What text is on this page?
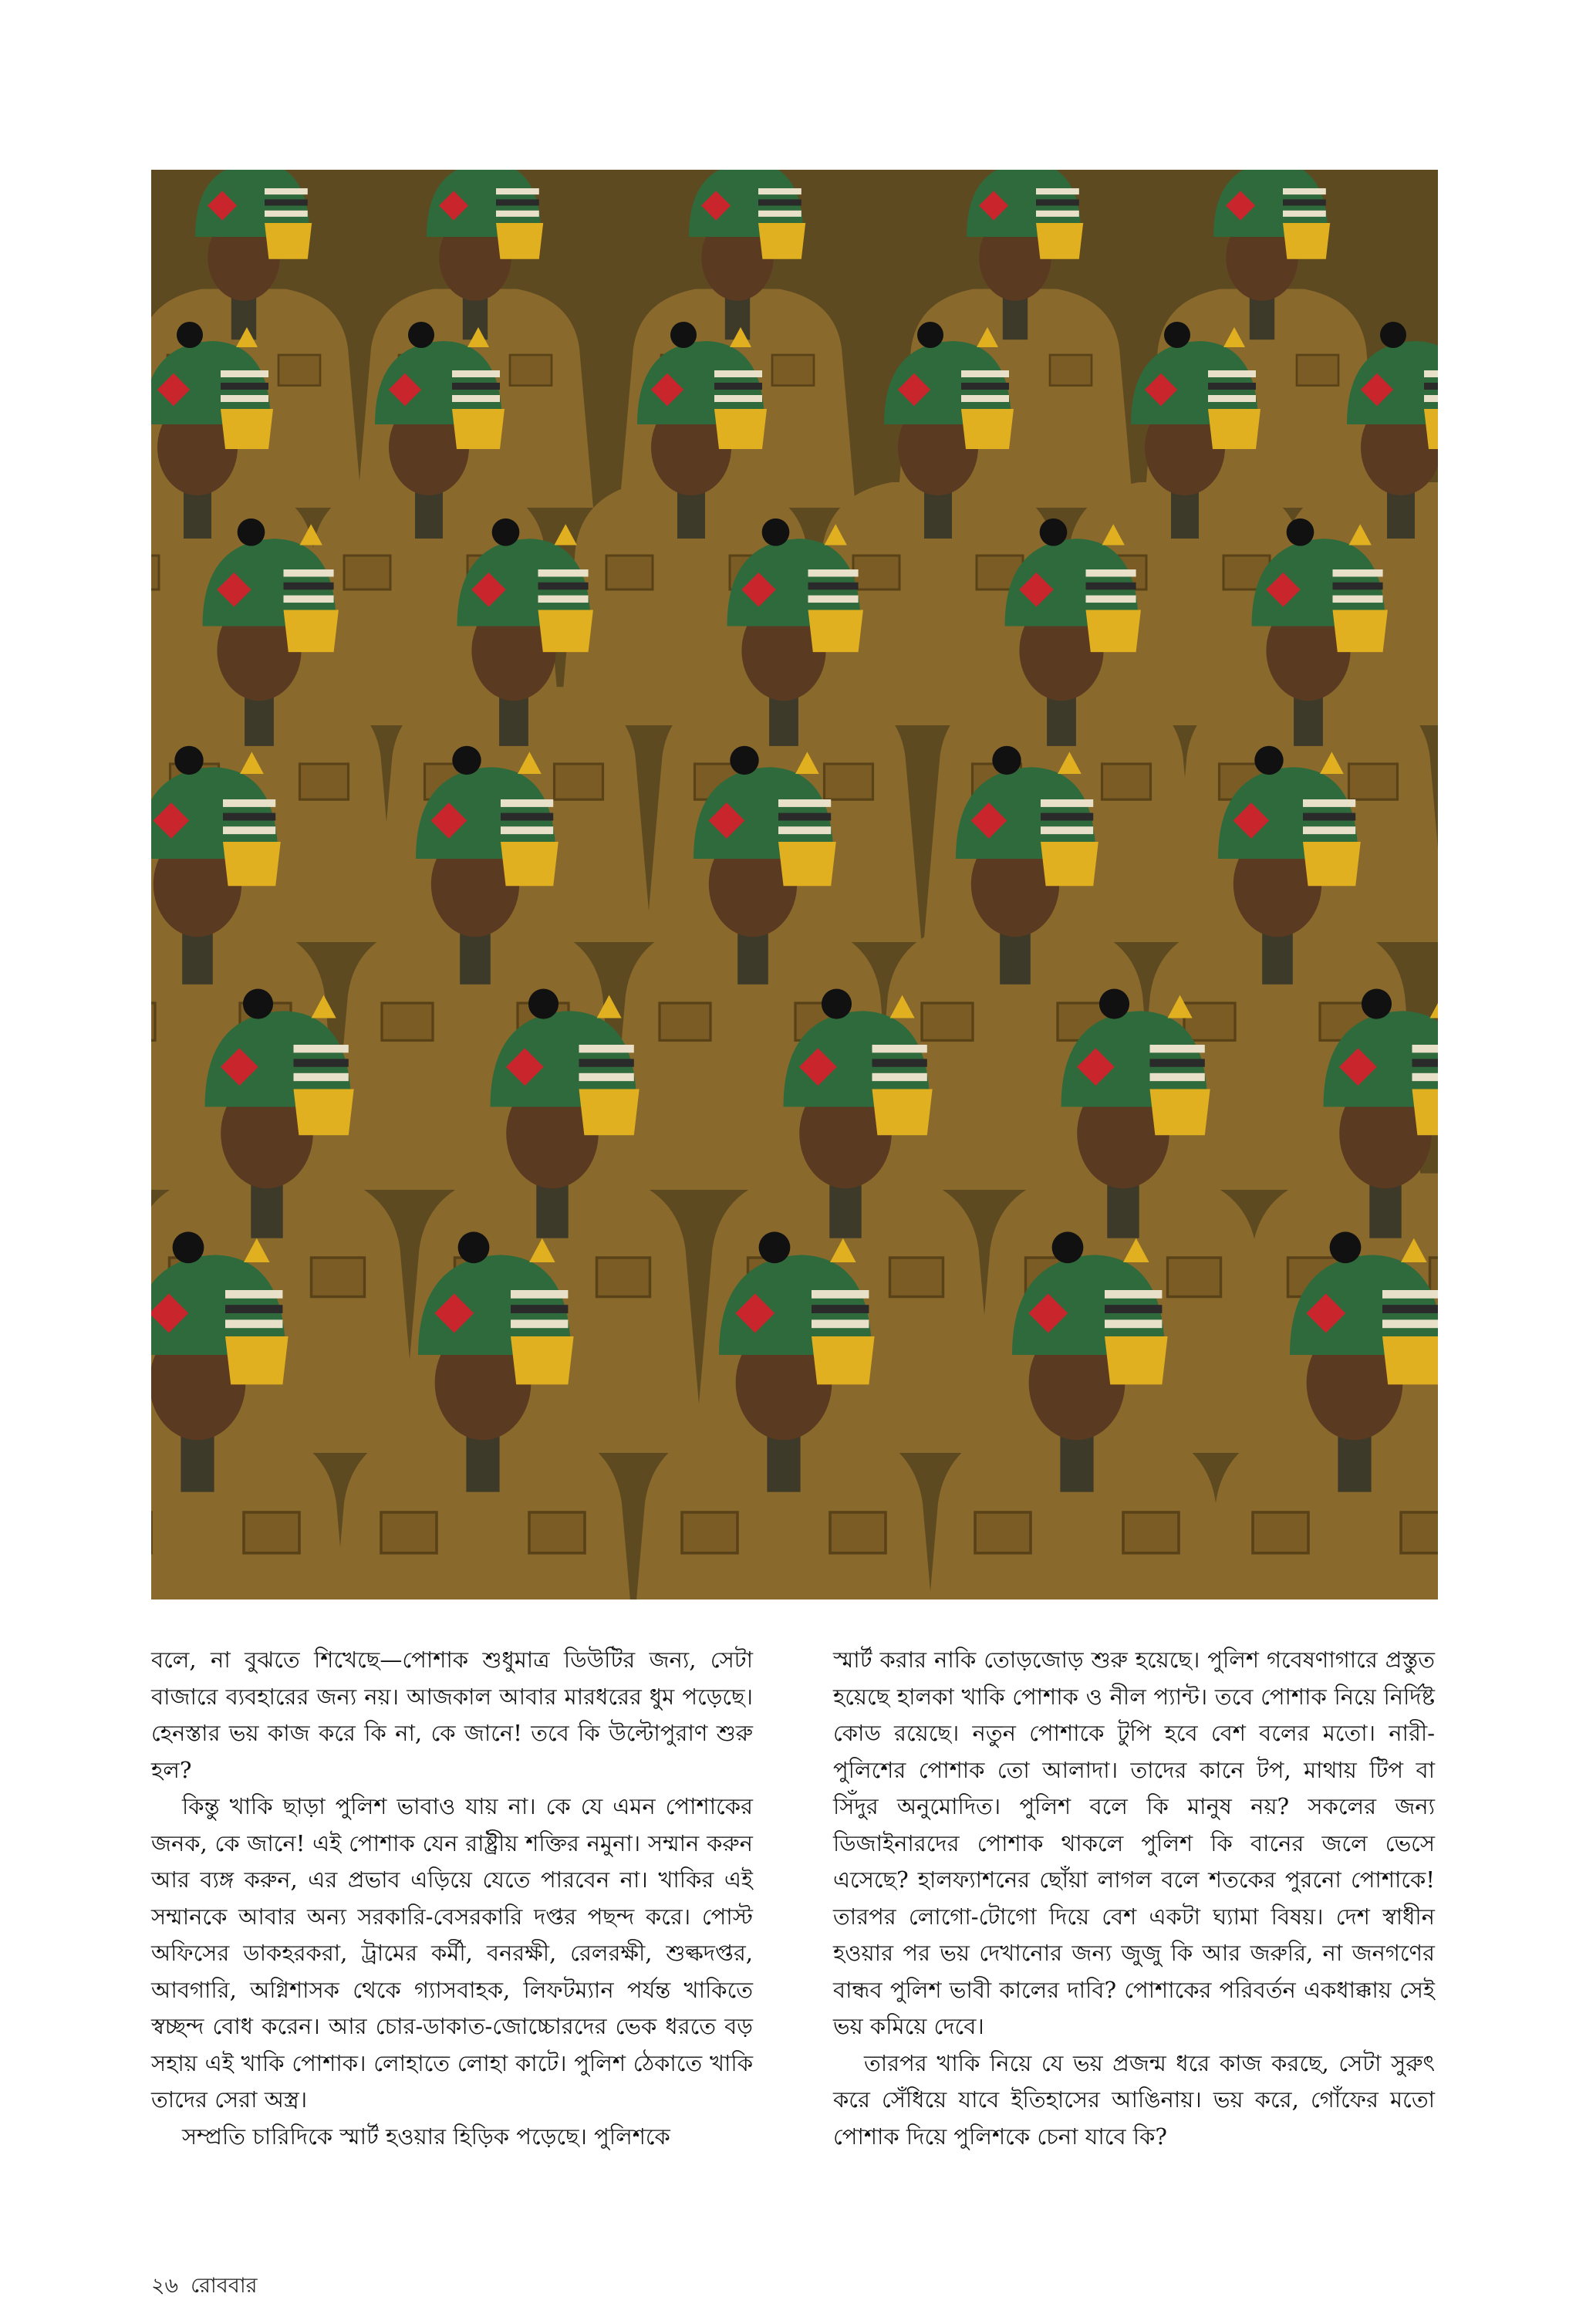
বলে, না বুঝতে শিখেছে—পোশাক শুধুমাত্র ডিউটির জন্য, সেটা বাজারে ব্যবহারের জন্য নয়। আজকাল আবার মারধরের ধুম পড়েছে। হেনস্তার ভয় কাজ করে কি না, কে জানে! তবে কি উল্টোপুরাণ শুরু হল?

কিন্তু খাকি ছাড়া পুলিশ ভাবাও যায় না। কে যে এমন পোশাকের জনক, কে জানে! এই পোশাক যেন রাষ্ট্রীয় শক্তির নমুনা। সম্মান করুন আর ব্যঙ্গ করুন, এর প্রভাব এড়িয়ে যেতে পারবেন না। খাকির এই সম্মানকে আবার অন্য সরকারি-বেসরকারি দপ্তর পছন্দ করে। পোস্ট অফিসের ডাকহরকরা, ট্রামের কর্মী, বনরক্ষী, রেলরক্ষী, শুল্কদপ্তর, আবগারি, অগ্নিশাসক থেকে গ্যাসবাহক, লিফটম্যান পর্যন্ত খাকিতে স্বচ্ছন্দ বোধ করেন। আর চোর-ডাকাত-জোচ্চোরদের ভেক ধরতে বড় সহায় এই খাকি পোশাক। লোহাতে লোহা কাটে। পুলিশ ঠেকাতে খাকি তাদের সেরা অস্ত্র।

সম্প্রতি চারিদিকে স্মার্ট হওয়ার হিড়িক পড়েছে। পুলিশকে

স্মার্ট করার নাকি তোড়জোড় শুরু হয়েছে। পুলিশ গবেষণাগারে প্রস্তুত হয়েছে হালকা খাকি পোশাক ও নীল প্যান্ট। তবে পোশাক নিয়ে নির্দিষ্ট কোড রয়েছে। নতুন পোশাকে টুপি হবে বেশ বলের মতো। নারী-পুলিশের পোশাক তো আলাদা। তাদের কানে টপ, মাথায় টিপ বা সিঁদুর অনুমোদিত। পুলিশ বলে কি মানুষ নয়? সকলের জন্য ডিজাইনারদের পোশাক থাকলে পুলিশ কি বানের জলে ভেসে এসেছে? হালফ্যাশনের ছোঁয়া লাগল বলে শতকের পুরনো পোশাকে! তারপর লোগো-টোগো দিয়ে বেশ একটা ঘ্যামা বিষয়। দেশ স্বাধীন হওয়ার পর ভয় দেখানোর জন্য জুজু কি আর জরুরি, না জনগণের বান্ধব পুলিশ ভাবী কালের দাবি? পোশাকের পরিবর্তন একধাক্কায় সেই ভয় কমিয়ে দেবে।

তারপর খাকি নিয়ে যে ভয় প্রজন্ম ধরে কাজ করছে, সেটা সুরুৎ করে সেঁধিয়ে যাবে ইতিহাসের আঙিনায়। ভয় করে, গোঁফের মতো পোশাক দিয়ে পুলিশকে চেনা যাবে কি?

২৬ রোববার
